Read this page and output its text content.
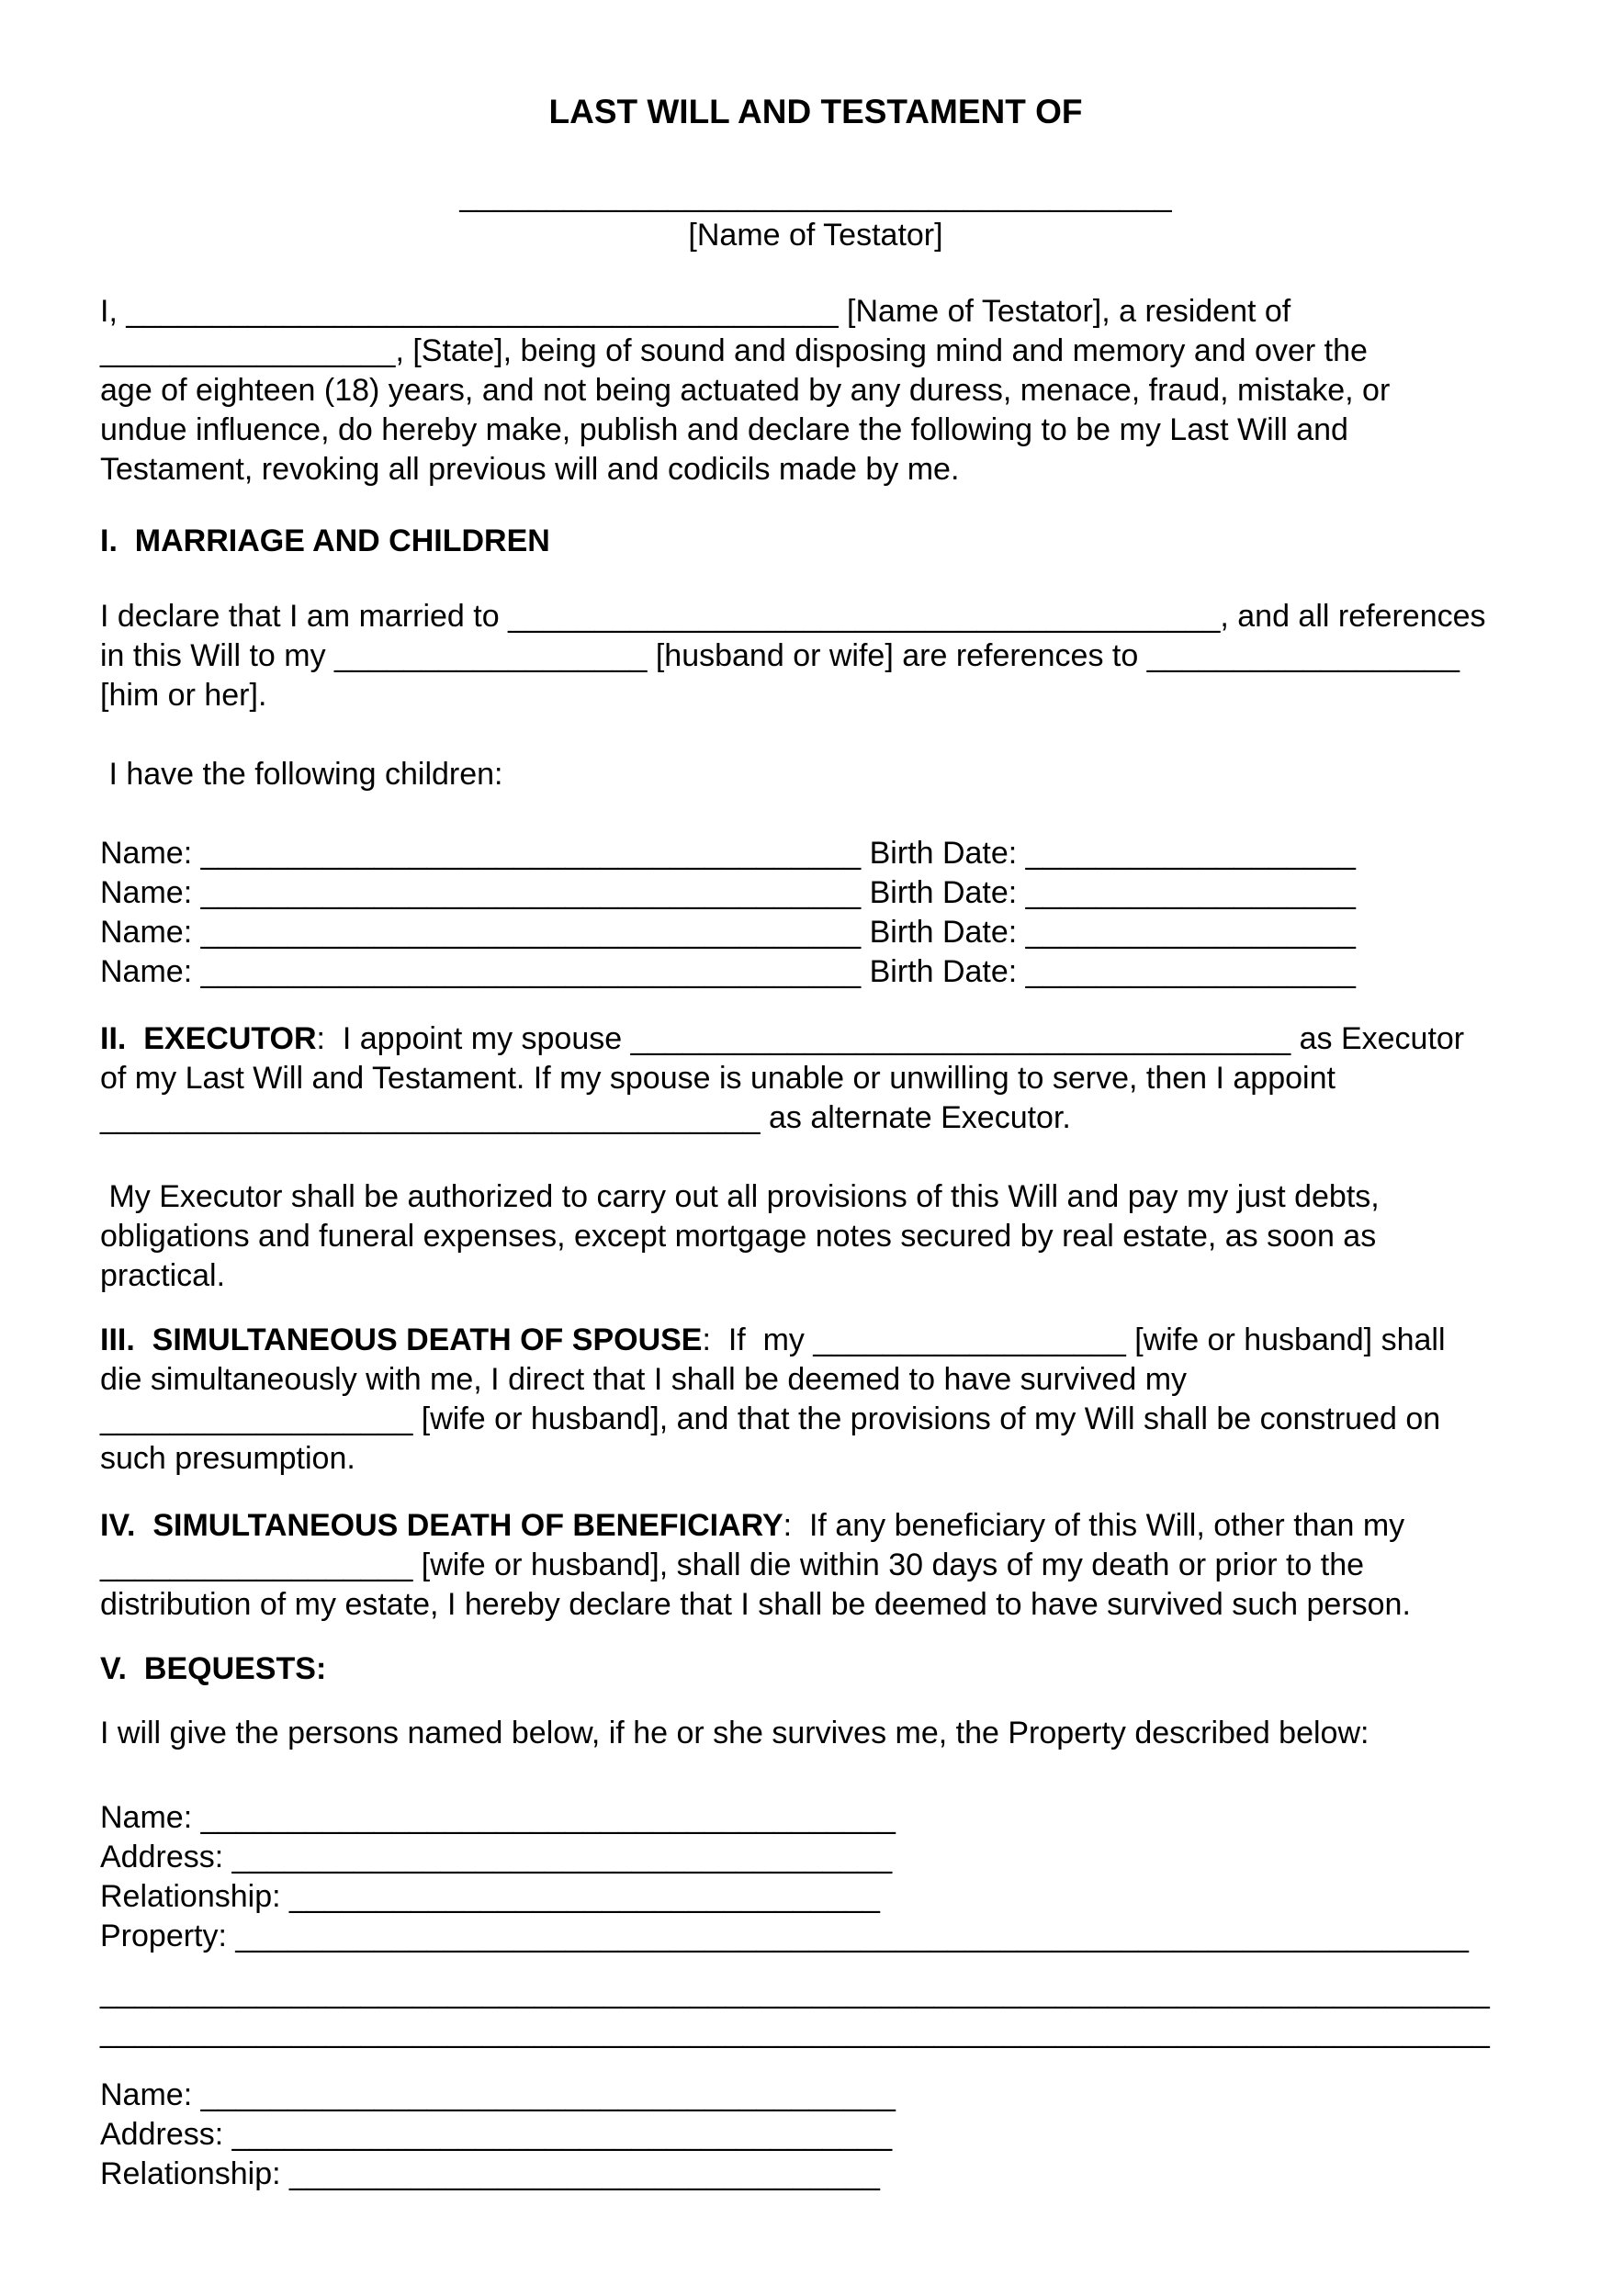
LAST WILL AND TESTAMENT OF
_________________________________________
[Name of Testator]
I, _________________________________________ [Name of Testator], a resident of
_________________, [State], being of sound and disposing mind and memory and over the
age of eighteen (18) years, and not being actuated by any duress, menace, fraud, mistake, or
undue influence, do hereby make, publish and declare the following to be my Last Will and
Testament, revoking all previous will and codicils made by me.
I.  MARRIAGE AND CHILDREN
I declare that I am married to _________________________________________, and all references
in this Will to my __________________ [husband or wife] are references to __________________
[him or her].
I have the following children:
Name: ______________________________________ Birth Date: ___________________
Name: ______________________________________ Birth Date: ___________________
Name: ______________________________________ Birth Date: ___________________
Name: ______________________________________ Birth Date: ___________________
II.  EXECUTOR:  I appoint my spouse ______________________________________ as Executor
of my Last Will and Testament. If my spouse is unable or unwilling to serve, then I appoint
______________________________________ as alternate Executor.
My Executor shall be authorized to carry out all provisions of this Will and pay my just debts,
obligations and funeral expenses, except mortgage notes secured by real estate, as soon as
practical.
III.  SIMULTANEOUS DEATH OF SPOUSE:  If  my __________________ [wife or husband] shall
die simultaneously with me, I direct that I shall be deemed to have survived my
__________________ [wife or husband], and that the provisions of my Will shall be construed on
such presumption.
IV.  SIMULTANEOUS DEATH OF BENEFICIARY:  If any beneficiary of this Will, other than my
__________________ [wife or husband], shall die within 30 days of my death or prior to the
distribution of my estate, I hereby declare that I shall be deemed to have survived such person.
V.  BEQUESTS:
I will give the persons named below, if he or she survives me, the Property described below:
Name: ________________________________________
Address: ______________________________________
Relationship: __________________________________
Property: _______________________________________________________________________
________________________________________________________________________________
________________________________________________________________________________
Name: ________________________________________
Address: ______________________________________
Relationship: __________________________________
